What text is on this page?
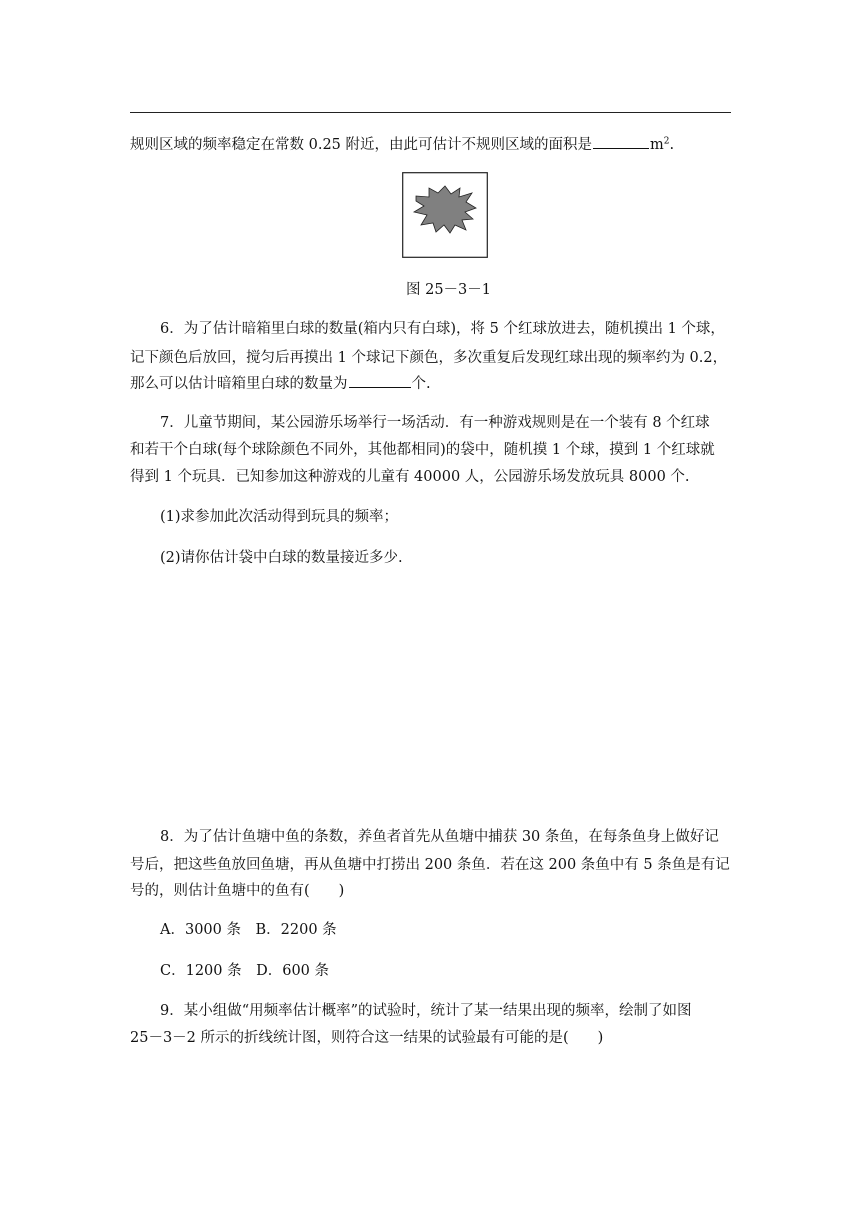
规则区域的频率稳定在常数 0.25 附近，由此可估计不规则区域的面积是	$m^2$.
图 25－3－1
6．为了估计暗箱里白球的数量(箱内只有白球)，将 5 个红球放进去，随机摸出 1 个球，
记下颜色后放回，搅匀后再摸出 1 个球记下颜色，多次重复后发现红球出现的频率约为 0.2，
那么可以估计暗箱里白球的数量为	个.
7．儿童节期间，某公园游乐场举行一场活动．有一种游戏规则是在一个装有 8 个红球
和若干个白球(每个球除颜色不同外，其他都相同)的袋中，随机摸 1 个球，摸到 1 个红球就
得到 1 个玩具．已知参加这种游戏的儿童有 40000 人，公园游乐场发放玩具 8000 个.
(1)求参加此次活动得到玩具的频率；
(2)请你估计袋中白球的数量接近多少.
8．为了估计鱼塘中鱼的条数，养鱼者首先从鱼塘中捕获 30 条鱼，在每条鱼身上做好记
号后，把这些鱼放回鱼塘，再从鱼塘中打捞出 200 条鱼．若在这 200 条鱼中有 5 条鱼是有记
号的，则估计鱼塘中的鱼有(　　)
A．3000 条　B．2200 条
C．1200 条　D．600 条
9．某小组做“用频率估计概率”的试验时，统计了某一结果出现的频率，绘制了如图
25－3－2 所示的折线统计图，则符合这一结果的试验最有可能的是(　　)
